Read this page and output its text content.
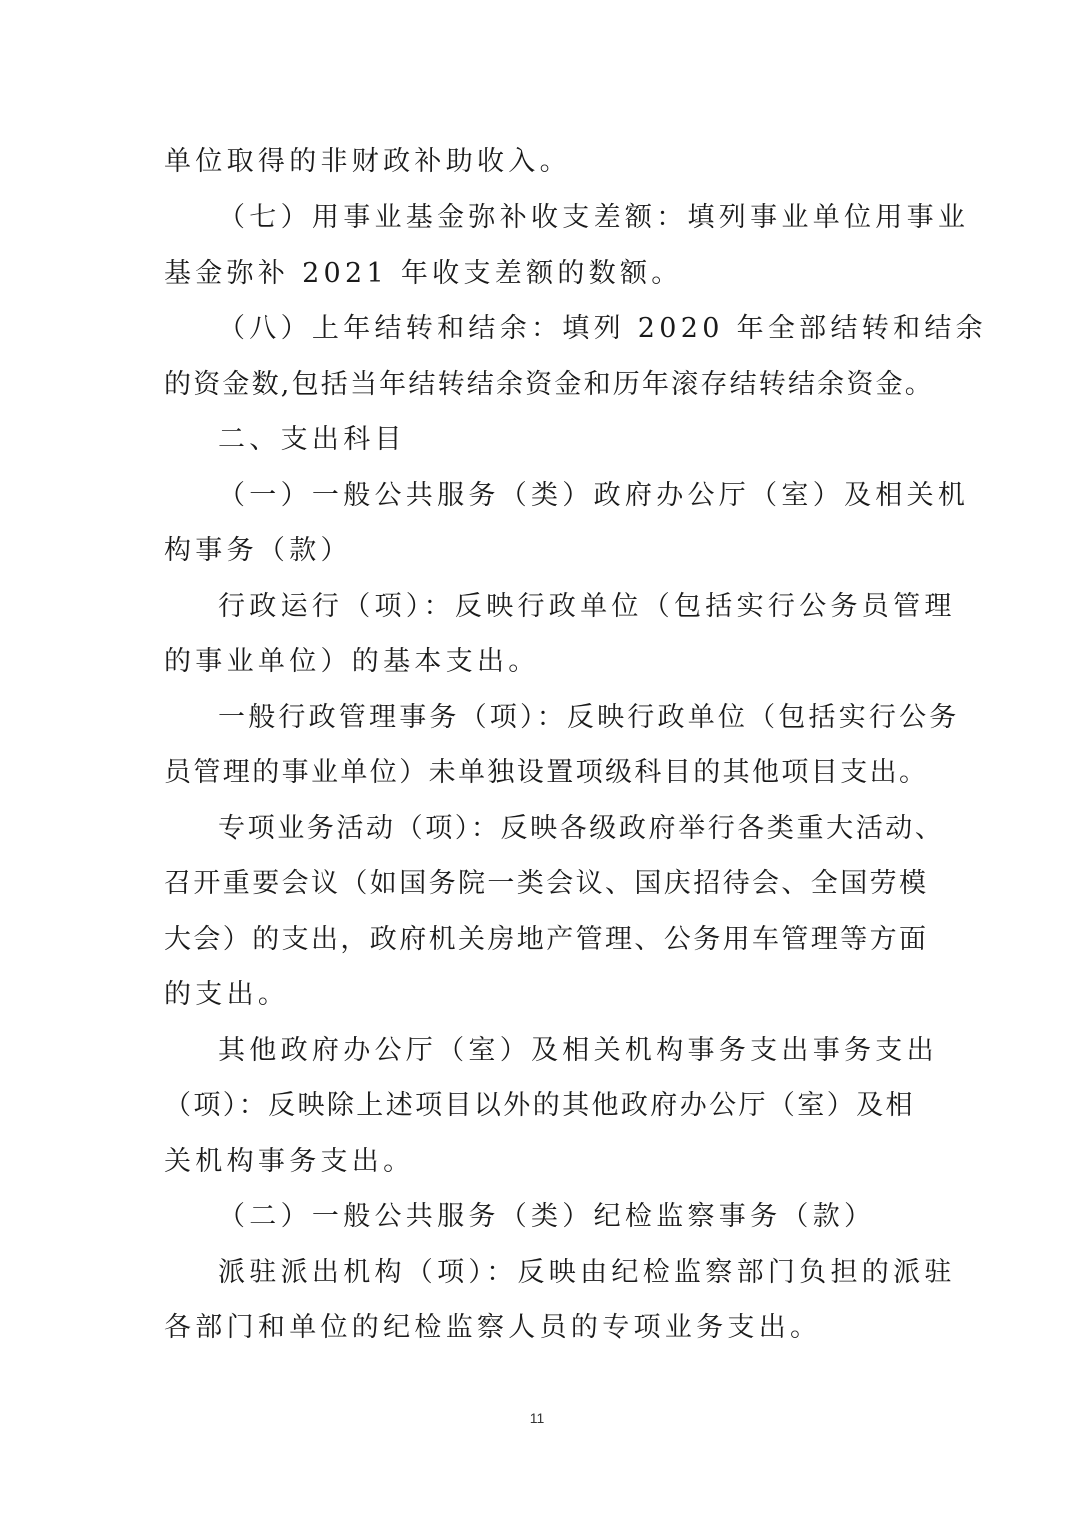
单位取得的非财政补助收入。
（七）用事业基金弥补收支差额：填列事业单位用事业
基金弥补 2021 年收支差额的数额。
（八）上年结转和结余：填列 2020 年全部结转和结余
的资金数,包括当年结转结余资金和历年滚存结转结余资金。
二、支出科目
（一）一般公共服务（类）政府办公厅（室）及相关机
构事务（款）
行政运行（项）：反映行政单位（包括实行公务员管理
的事业单位）的基本支出。
一般行政管理事务（项）：反映行政单位（包括实行公务
员管理的事业单位）未单独设置项级科目的其他项目支出。
专项业务活动（项）：反映各级政府举行各类重大活动、
召开重要会议（如国务院一类会议、国庆招待会、全国劳模
大会）的支出，政府机关房地产管理、公务用车管理等方面
的支出。
其他政府办公厅（室）及相关机构事务支出事务支出
（项）：反映除上述项目以外的其他政府办公厅（室）及相
关机构事务支出。
（二）一般公共服务（类）纪检监察事务（款）
派驻派出机构（项）：反映由纪检监察部门负担的派驻
各部门和单位的纪检监察人员的专项业务支出。
11
